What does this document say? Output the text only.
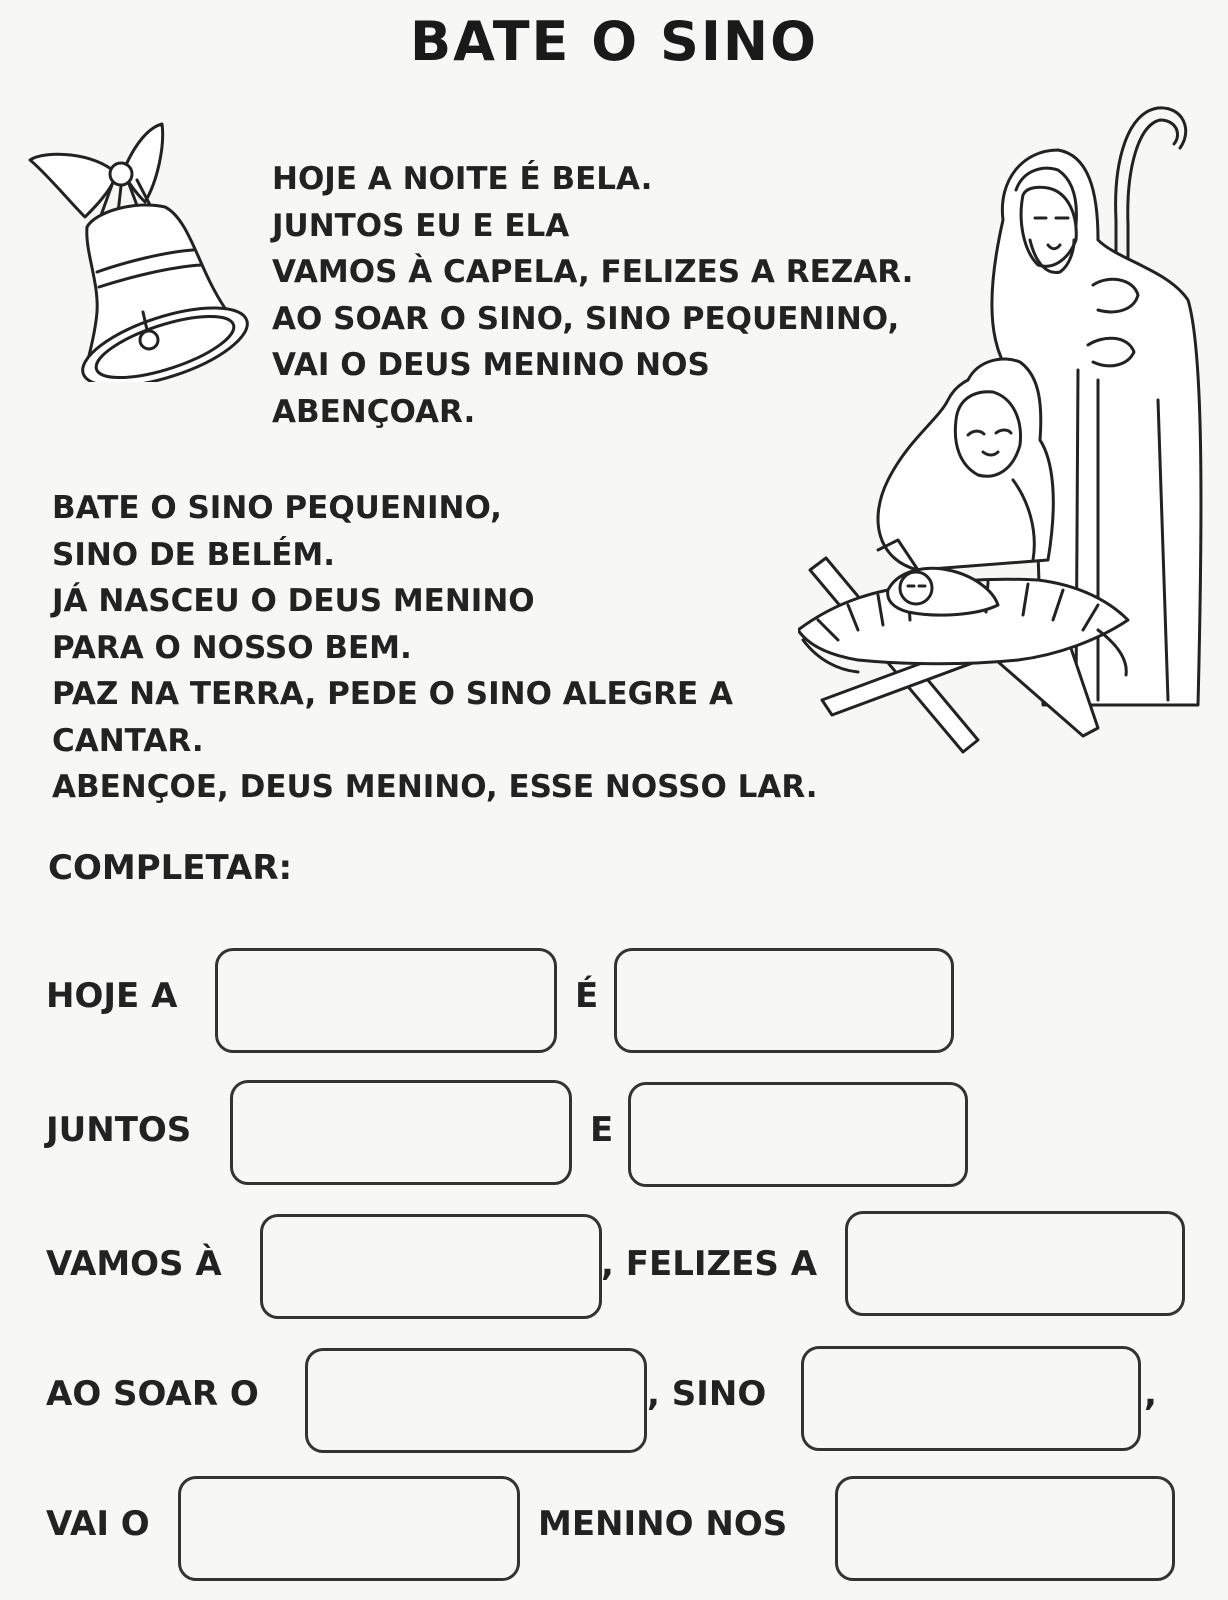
BATE O SINO
HOJE A NOITE É BELA.
JUNTOS EU E ELA
VAMOS À CAPELA, FELIZES A REZAR.
AO SOAR O SINO, SINO PEQUENINO,
VAI O DEUS MENINO NOS
ABENÇOAR.
BATE O SINO PEQUENINO,
SINO DE BELÉM.
JÁ NASCEU O DEUS MENINO
PARA O NOSSO BEM.
PAZ NA TERRA, PEDE O SINO ALEGRE A
CANTAR.
ABENÇOE, DEUS MENINO, ESSE NOSSO LAR.
COMPLETAR:
HOJE A	É
JUNTOS	E
VAMOS À	, FELIZES A
AO SOAR O	, SINO	,
VAI O	MENINO NOS
